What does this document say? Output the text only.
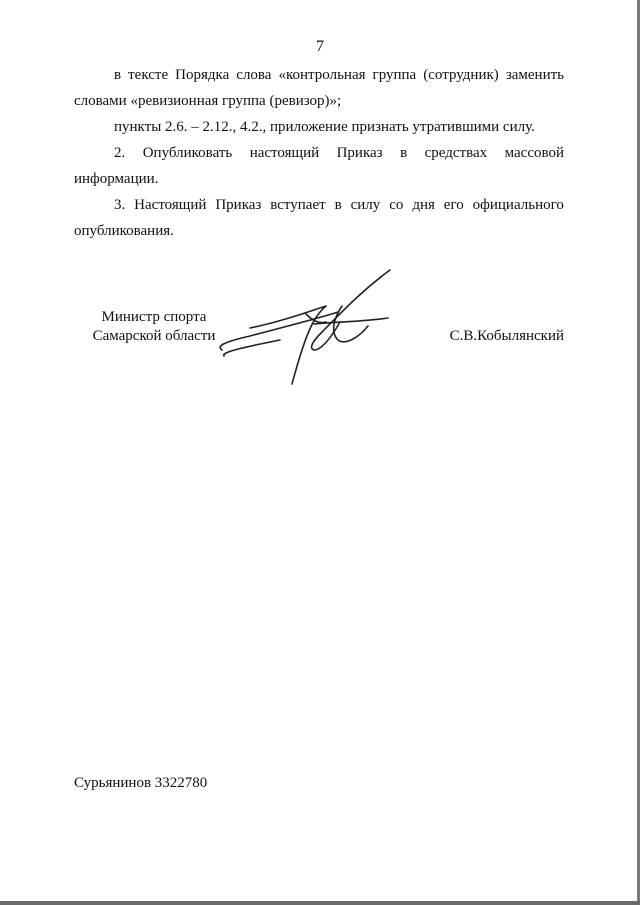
7
в тексте Порядка слова «контрольная группа (сотрудник) заменить
словами «ревизионная группа (ревизор)»;
пункты 2.6. – 2.12., 4.2., приложение признать утратившими силу.
2. Опубликовать настоящий Приказ в средствах массовой
информации.
3. Настоящий Приказ вступает в силу со дня его официального
опубликования.
Министр спорта
Самарской области	С.В.Кобылянский
Сурьянинов 3322780
